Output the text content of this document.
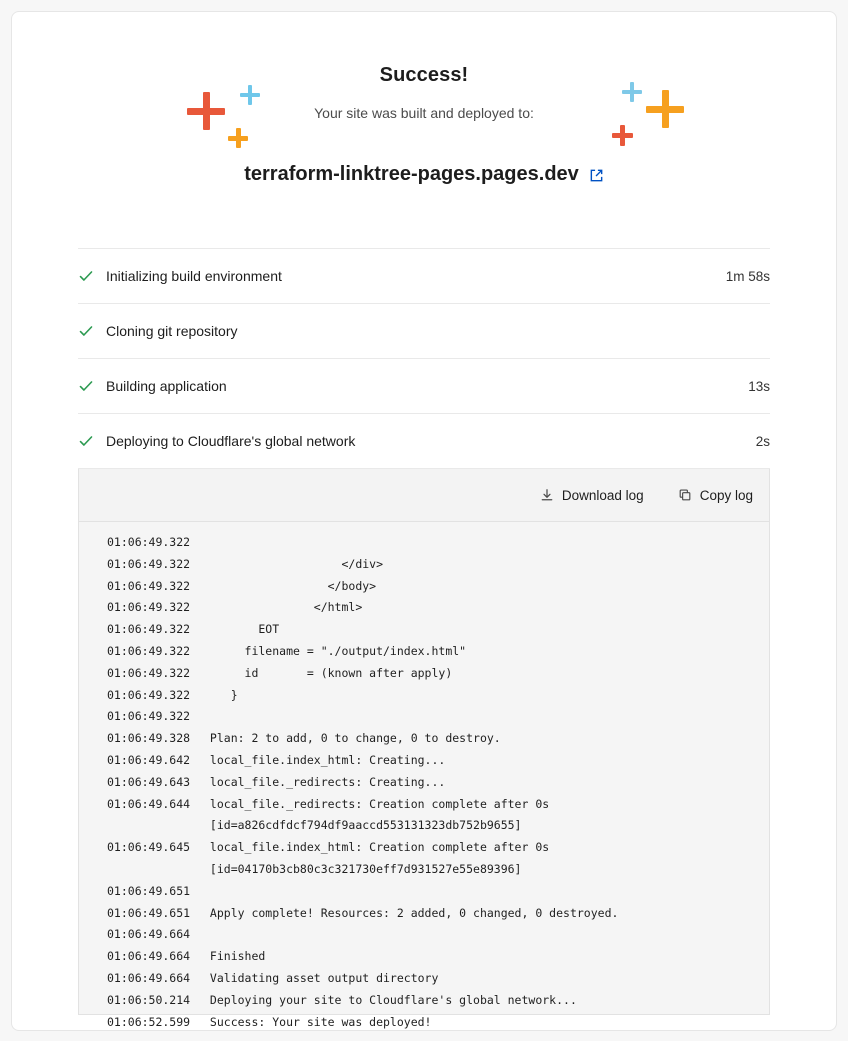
Success!

Your site was built and deployed to:

terraform-linktree-pages.pages.dev
Initializing build environment	1m 58s
Cloning git repository
Building application	13s
Deploying to Cloudflare's global network	2s
Download log	Copy log
01:06:49.322
01:06:49.322	</div>
01:06:49.322	</body>
01:06:49.322	</html>
01:06:49.322	EOT
01:06:49.322	filename = "./output/index.html"
01:06:49.322	id       = (known after apply)
01:06:49.322	}
01:06:49.322
01:06:49.328	Plan: 2 to add, 0 to change, 0 to destroy.
01:06:49.642	local_file.index_html: Creating...
01:06:49.643	local_file._redirects: Creating...
01:06:49.644	local_file._redirects: Creation complete after 0s
[id=a826cdfdcf794df9aaccd553131323db752b9655]
01:06:49.645	local_file.index_html: Creation complete after 0s
[id=04170b3cb80c3c321730eff7d931527e55e89396]
01:06:49.651
01:06:49.651	Apply complete! Resources: 2 added, 0 changed, 0 destroyed.
01:06:49.664
01:06:49.664	Finished
01:06:49.664	Validating asset output directory
01:06:50.214	Deploying your site to Cloudflare's global network...
01:06:52.599	Success: Your site was deployed!
